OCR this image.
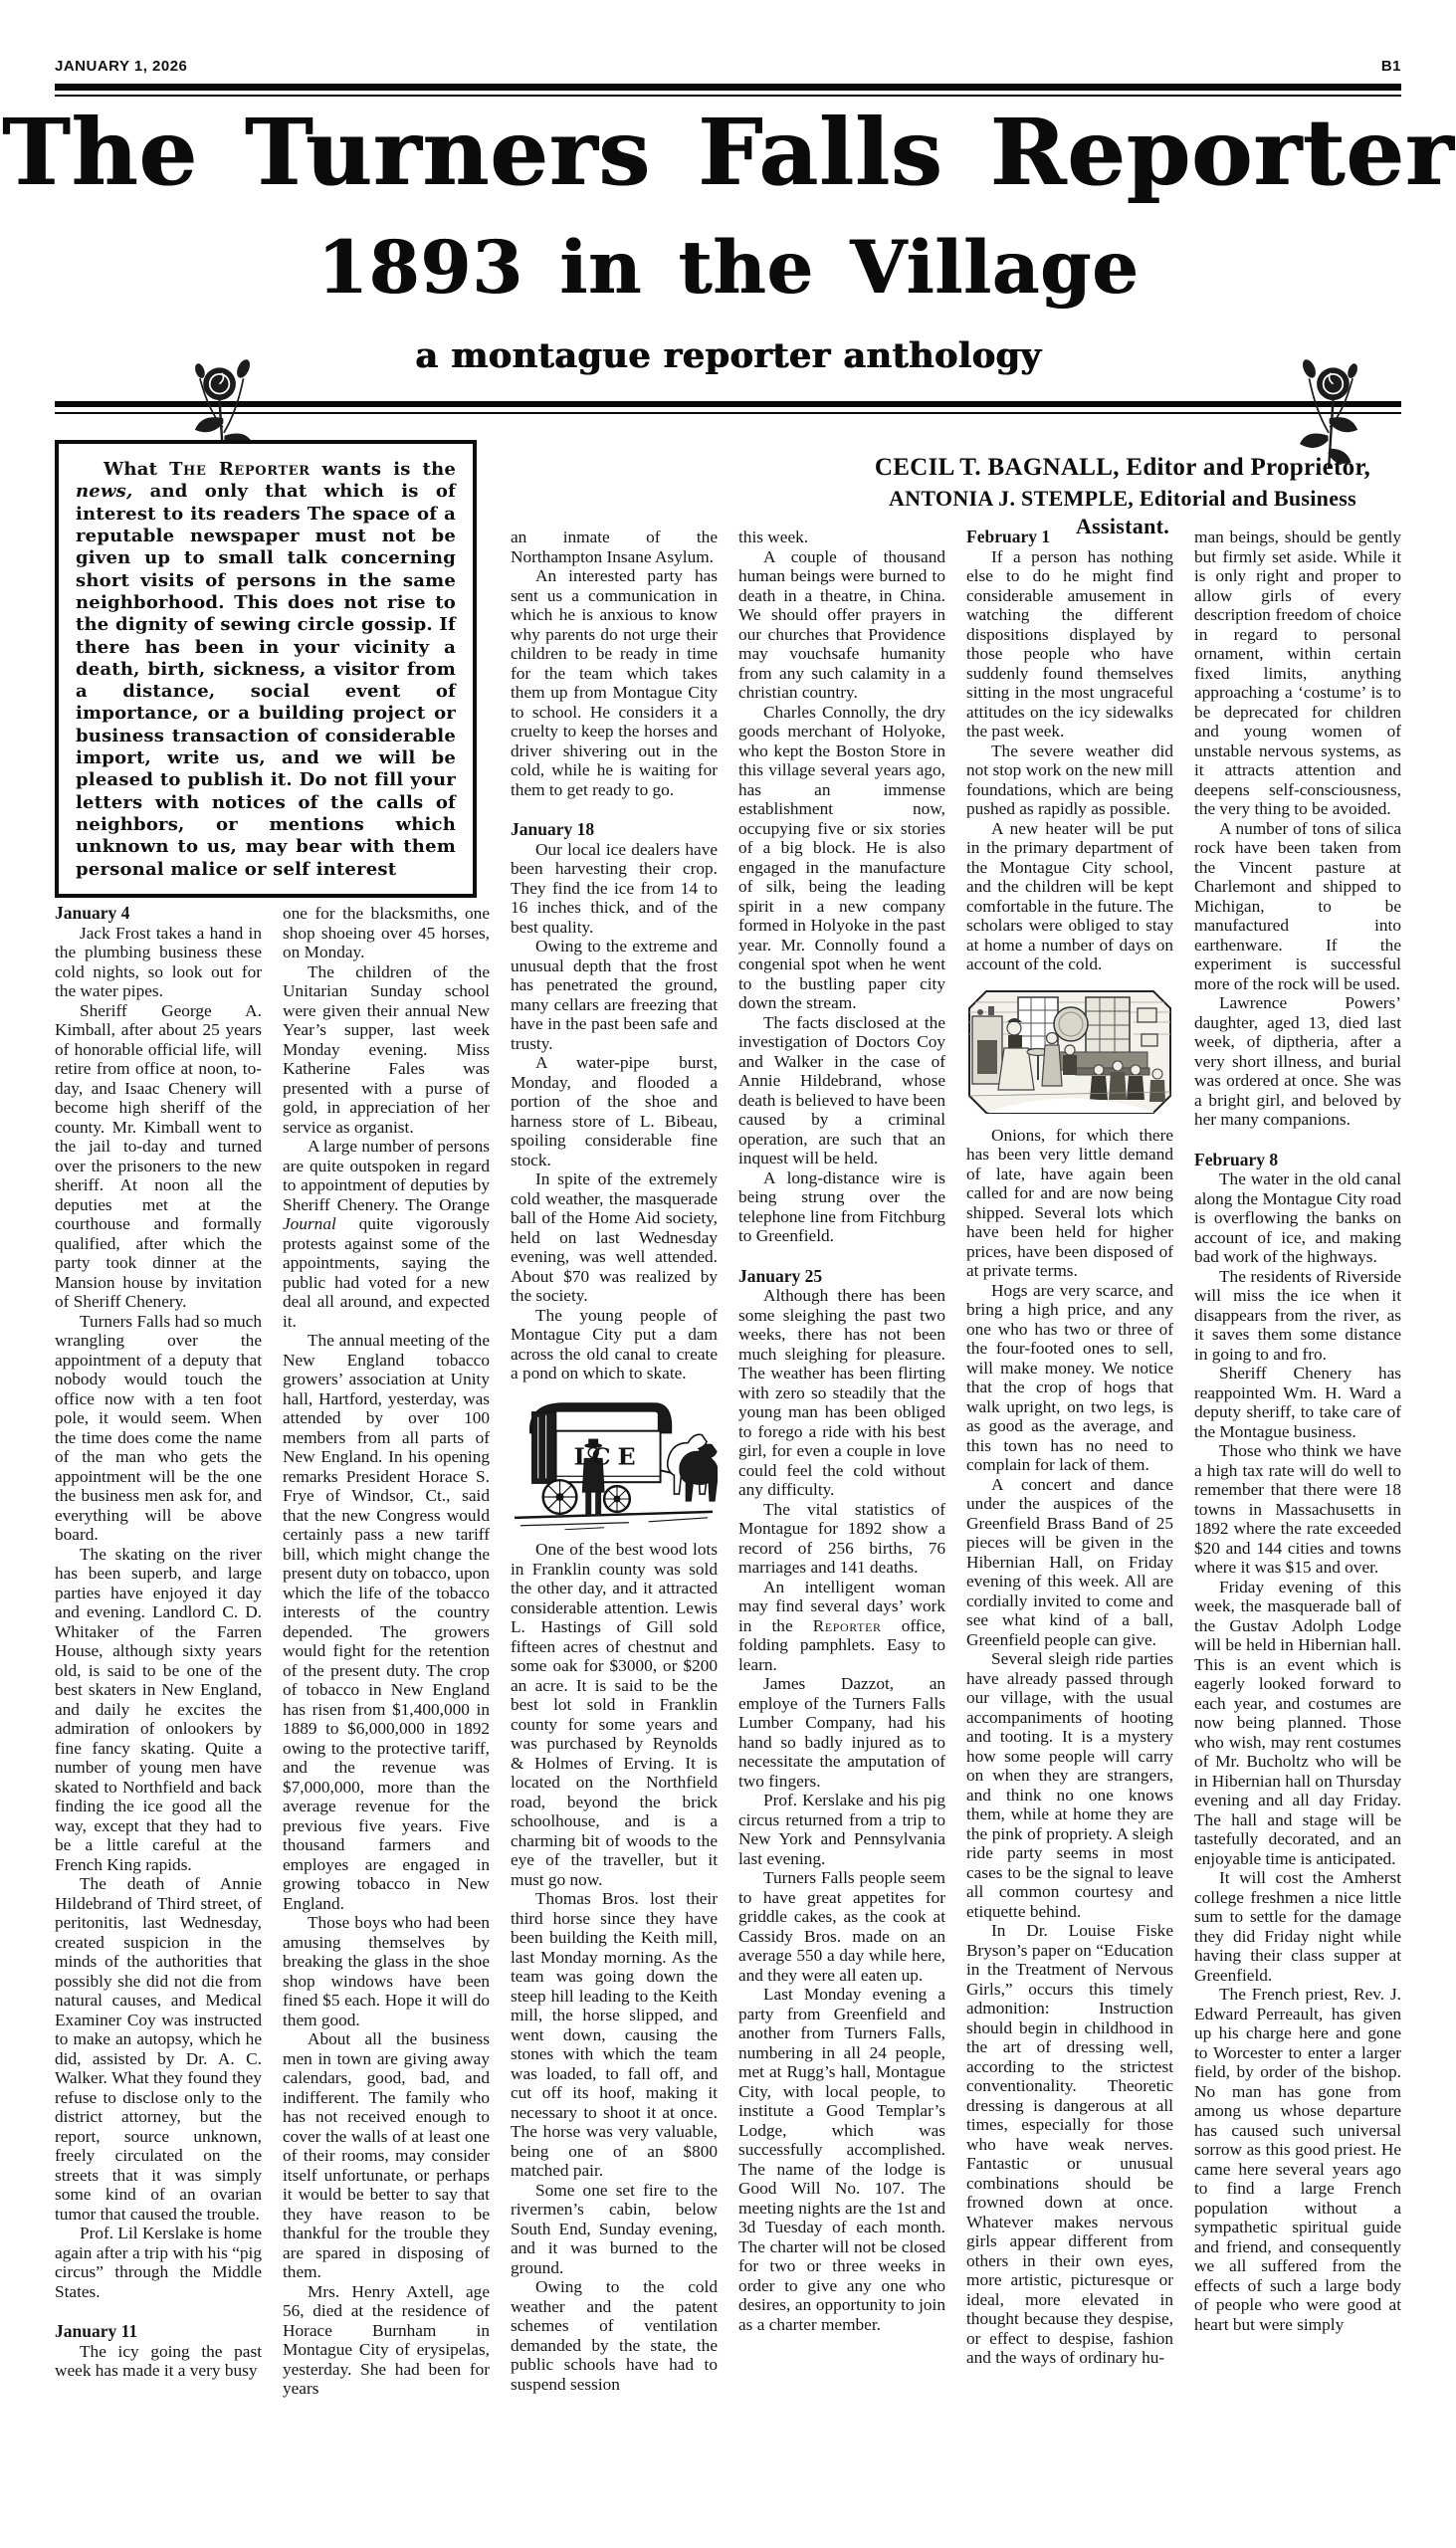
JANUARY 1, 2026	B1
The Turners Falls Reporter
1893 in the Village
a montague reporter anthology
January 4

Jack Frost takes a hand in the plumbing business these cold nights, so look out for the water pipes.

Sheriff George A. Kimball, after about 25 years of honorable official life, will retire from office at noon, to-day, and Isaac Chenery will become high sheriff of the county. Mr. Kimball went to the jail to-day and turned over the prisoners to the new sheriff. At noon all the deputies met at the courthouse and formally qualified, after which the party took dinner at the Mansion house by invitation of Sheriff Chenery.

Turners Falls had so much wrangling over the appointment of a deputy that nobody would touch the office now with a ten foot pole, it would seem. When the time does come the name of the man who gets the appointment will be the one the business men ask for, and everything will be above board.

The skating on the river has been superb, and large parties have enjoyed it day and evening. Landlord C. D. Whitaker of the Farren House, although sixty years old, is said to be one of the best skaters in New England, and daily he excites the admiration of onlookers by fine fancy skating. Quite a number of young men have skated to Northfield and back finding the ice good all the way, except that they had to be a little careful at the French King rapids.

The death of Annie Hildebrand of Third street, of peritonitis, last Wednesday, created suspicion in the minds of the authorities that possibly she did not die from natural causes, and Medical Examiner Coy was instructed to make an autopsy, which he did, assisted by Dr. A. C. Walker. What they found they refuse to disclose only to the district attorney, but the report, source unknown, freely circulated on the streets that it was simply some kind of an ovarian tumor that caused the trouble.

Prof. Lil Kerslake is home again after a trip with his “pig circus” through the Middle States.

January 11

The icy going the past week has made it a very busy

one for the blacksmiths, one shop shoeing over 45 horses, on Monday.

The children of the Unitarian Sunday school were given their annual New Year’s supper, last week Monday evening. Miss Katherine Fales was presented with a purse of gold, in appreciation of her service as organist.

A large number of persons are quite outspoken in regard to appointment of deputies by Sheriff Chenery. The Orange Journal quite vigorously protests against some of the appointments, saying the public had voted for a new deal all around, and expected it.

The annual meeting of the New England tobacco growers’ association at Unity hall, Hartford, yesterday, was attended by over 100 members from all parts of New England. In his opening remarks President Horace S. Frye of Windsor, Ct., said that the new Congress would certainly pass a new tariff bill, which might change the present duty on tobacco, upon which the life of the tobacco interests of the country depended. The growers would fight for the retention of the present duty. The crop of tobacco in New England has risen from $1,400,000 in 1889 to $6,000,000 in 1892 owing to the protective tariff, and the revenue was $7,000,000, more than the average revenue for the previous five years. Five thousand farmers and employes are engaged in growing tobacco in New England.

Those boys who had been amusing themselves by breaking the glass in the shoe shop windows have been fined $5 each. Hope it will do them good.

About all the business men in town are giving away calendars, good, bad, and indifferent. The family who has not received enough to cover the walls of at least one of their rooms, may consider itself unfortunate, or perhaps it would be better to say that they have reason to be thankful for the trouble they are spared in disposing of them.

Mrs. Henry Axtell, age 56, died at the residence of Horace Burnham in Montague City of erysipelas, yesterday. She had been for years

an inmate of the Northampton Insane Asylum.

An interested party has sent us a communication in which he is anxious to know why parents do not urge their children to be ready in time for the team which takes them up from Montague City to school. He considers it a cruelty to keep the horses and driver shivering out in the cold, while he is waiting for them to get ready to go.

January 18

Our local ice dealers have been harvesting their crop. They find the ice from 14 to 16 inches thick, and of the best quality.

Owing to the extreme and unusual depth that the frost has penetrated the ground, many cellars are freezing that have in the past been safe and trusty.

A water-pipe burst, Monday, and flooded a portion of the shoe and harness store of L. Bibeau, spoiling considerable fine stock.

In spite of the extremely cold weather, the masquerade ball of the Home Aid society, held on last Wednesday evening, was well attended. About $70 was realized by the society.

The young people of Montague City put a dam across the old canal to create a pond on which to skate.

ICE

One of the best wood lots in Franklin county was sold the other day, and it attracted considerable attention. Lewis L. Hastings of Gill sold fifteen acres of chestnut and some oak for $3000, or $200 an acre. It is said to be the best lot sold in Franklin county for some years and was purchased by Reynolds & Holmes of Erving. It is located on the Northfield road, beyond the brick schoolhouse, and is a charming bit of woods to the eye of the traveller, but it must go now.

Thomas Bros. lost their third horse since they have been building the Keith mill, last Monday morning. As the team was going down the steep hill leading to the Keith mill, the horse slipped, and went down, causing the stones with which the team was loaded, to fall off, and cut off its hoof, making it necessary to shoot it at once. The horse was very valuable, being one of an $800 matched pair.

Some one set fire to the rivermen’s cabin, below South End, Sunday evening, and it was burned to the ground.

Owing to the cold weather and the patent schemes of ventilation demanded by the state, the public schools have had to suspend session

this week.

A couple of thousand human beings were burned to death in a theatre, in China. We should offer prayers in our churches that Providence may vouchsafe humanity from any such calamity in a christian country.

Charles Connolly, the dry goods merchant of Holyoke, who kept the Boston Store in this village several years ago, has an immense establishment now, occupying five or six stories of a big block. He is also engaged in the manufacture of silk, being the leading spirit in a new company formed in Holyoke in the past year. Mr. Connolly found a congenial spot when he went to the bustling paper city down the stream.

The facts disclosed at the investigation of Doctors Coy and Walker in the case of Annie Hildebrand, whose death is believed to have been caused by a criminal operation, are such that an inquest will be held.

A long-distance wire is being strung over the telephone line from Fitchburg to Greenfield.

January 25

Although there has been some sleighing the past two weeks, there has not been much sleighing for pleasure. The weather has been flirting with zero so steadily that the young man has been obliged to forego a ride with his best girl, for even a couple in love could feel the cold without any difficulty.

The vital statistics of Montague for 1892 show a record of 256 births, 76 marriages and 141 deaths.

An intelligent woman may find several days’ work in the Reporter office, folding pamphlets. Easy to learn.

James Dazzot, an employe of the Turners Falls Lumber Company, had his hand so badly injured as to necessitate the amputation of two fingers.

Prof. Kerslake and his pig circus returned from a trip to New York and Pennsylvania last evening.

Turners Falls people seem to have great appetites for griddle cakes, as the cook at Cassidy Bros. made on an average 550 a day while here, and they were all eaten up.

Last Monday evening a party from Greenfield and another from Turners Falls, numbering in all 24 people, met at Rugg’s hall, Montague City, with local people, to institute a Good Templar’s Lodge, which was successfully accomplished. The name of the lodge is Good Will No. 107. The meeting nights are the 1st and 3d Tuesday of each month. The charter will not be closed for two or three weeks in order to give any one who desires, an opportunity to join as a charter member.

February 1

If a person has nothing else to do he might find considerable amusement in watching the different dispositions displayed by those people who have suddenly found themselves sitting in the most ungraceful attitudes on the icy sidewalks the past week.

The severe weather did not stop work on the new mill foundations, which are being pushed as rapidly as possible.

A new heater will be put in the primary department of the Montague City school, and the children will be kept comfortable in the future. The scholars were obliged to stay at home a number of days on account of the cold.

Onions, for which there has been very little demand of late, have again been called for and are now being shipped. Several lots which have been held for higher prices, have been disposed of at private terms.

Hogs are very scarce, and bring a high price, and any one who has two or three of the four-footed ones to sell, will make money. We notice that the crop of hogs that walk upright, on two legs, is as good as the average, and this town has no need to complain for lack of them.

A concert and dance under the auspices of the Greenfield Brass Band of 25 pieces will be given in the Hibernian Hall, on Friday evening of this week. All are cordially invited to come and see what kind of a ball, Greenfield people can give.

Several sleigh ride parties have already passed through our village, with the usual accompaniments of hooting and tooting. It is a mystery how some people will carry on when they are strangers, and think no one knows them, while at home they are the pink of propriety. A sleigh ride party seems in most cases to be the signal to leave all common courtesy and etiquette behind.

In Dr. Louise Fiske Bryson’s paper on “Education in the Treatment of Nervous Girls,” occurs this timely admonition: Instruction should begin in childhood in the art of dressing well, according to the strictest conventionality. Theoretic dressing is dangerous at all times, especially for those who have weak nerves. Fantastic or unusual combinations should be frowned down at once. Whatever makes nervous girls appear different from others in their own eyes, more artistic, picturesque or ideal, more elevated in thought because they despise, or effect to despise, fashion and the ways of ordinary hu-

man beings, should be gently but firmly set aside. While it is only right and proper to allow girls of every description freedom of choice in regard to personal ornament, within certain fixed limits, anything approaching a ‘costume’ is to be deprecated for children and young women of unstable nervous systems, as it attracts attention and deepens self-consciousness, the very thing to be avoided.

A number of tons of silica rock have been taken from the Vincent pasture at Charlemont and shipped to Michigan, to be manufactured into earthenware. If the experiment is successful more of the rock will be used.

Lawrence Powers’ daughter, aged 13, died last week, of diptheria, after a very short illness, and burial was ordered at once. She was a bright girl, and beloved by her many companions.

February 8

The water in the old canal along the Montague City road is overflowing the banks on account of ice, and making bad work of the highways.

The residents of Riverside will miss the ice when it disappears from the river, as it saves them some distance in going to and fro.

Sheriff Chenery has reappointed Wm. H. Ward a deputy sheriff, to take care of the Montague business.

Those who think we have a high tax rate will do well to remember that there were 18 towns in Massachusetts in 1892 where the rate exceeded $20 and 144 cities and towns where it was $15 and over.

Friday evening of this week, the masquerade ball of the Gustav Adolph Lodge will be held in Hibernian hall. This is an event which is eagerly looked forward to each year, and costumes are now being planned. Those who wish, may rent costumes of Mr. Bucholtz who will be in Hibernian hall on Thursday evening and all day Friday. The hall and stage will be tastefully decorated, and an enjoyable time is anticipated.

It will cost the Amherst college freshmen a nice little sum to settle for the damage they did Friday night while having their class supper at Greenfield.

The French priest, Rev. J. Edward Perreault, has given up his charge here and gone to Worcester to enter a larger field, by order of the bishop. No man has gone from among us whose departure has caused such universal sorrow as this good priest. He came here several years ago to find a large French population without a sympathetic spiritual guide and friend, and consequently we all suffered from the effects of such a large body of people who were good at heart but were simply

What The Reporter wants is the news, and only that which is of interest to its readers The space of a reputable newspaper must not be given up to small talk concerning short visits of persons in the same neighborhood. This does not rise to the dignity of sewing circle gossip. If there has been in your vicinity a death, birth, sickness, a visitor from a distance, social event of importance, or a building project or business transaction of considerable import, write us, and we will be pleased to publish it. Do not fill your letters with notices of the calls of neighbors, or mentions which unknown to us, may bear with them personal malice or self interest
CECIL T. BAGNALL, Editor and Proprietor,
ANTONIA J. STEMPLE, Editorial and Business Assistant.
